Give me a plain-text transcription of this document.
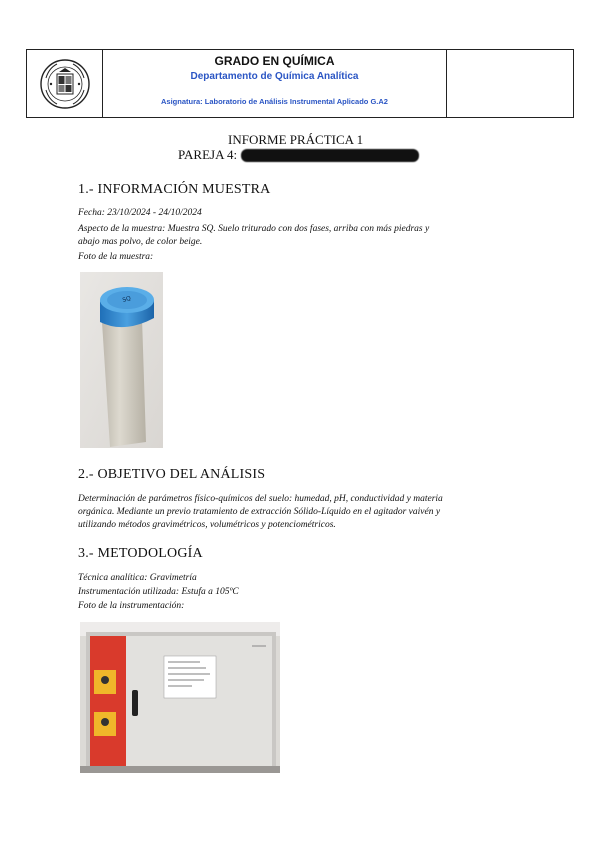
GRADO EN QUÍMICA
Departamento de Química Analítica
Asignatura: Laboratorio de Análisis Instrumental Aplicado G.A2
INFORME PRÁCTICA 1
PAREJA 4:
1.- INFORMACIÓN MUESTRA
Fecha: 23/10/2024 - 24/10/2024
Aspecto de la muestra: Muestra SQ. Suelo triturado con dos fases, arriba con más piedras y
abajo mas polvo, de color beige.
Foto de la muestra:
SQ
2.- OBJETIVO DEL ANÁLISIS
Determinación de parámetros físico-químicos del suelo: humedad, pH, conductividad y materia
orgánica. Mediante un previo tratamiento de extracción Sólido-Líquido en el agitador vaivén y
utilizando métodos gravimétricos, volumétricos y potenciométricos.
3.- METODOLOGÍA
Técnica analítica: Gravimetría
Instrumentación utilizada: Estufa a 105ºC
Foto de la instrumentación:
